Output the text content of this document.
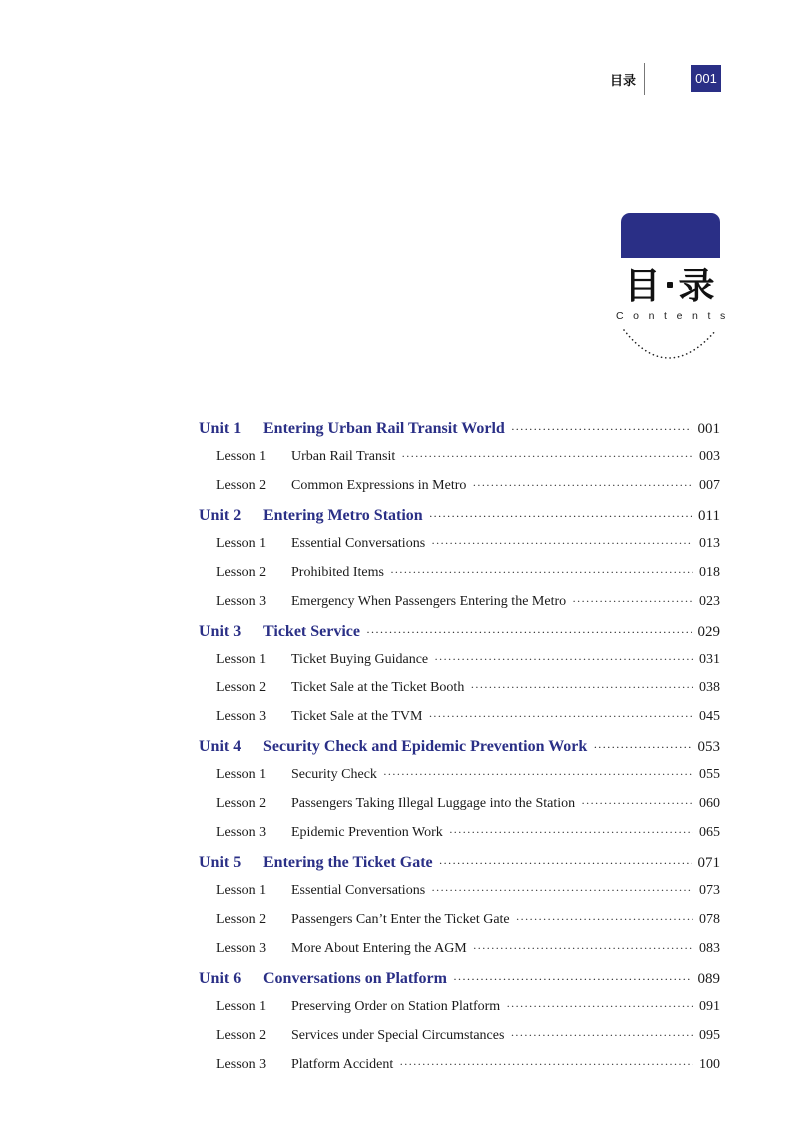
目录	001
目 录
Contents
Unit 1	Entering Urban Rail Transit World ·····	001
Lesson 1	Urban Rail Transit ·····	003
Lesson 2	Common Expressions in Metro ·····	007
Unit 2	Entering Metro Station ·····	011
Lesson 1	Essential Conversations ·····	013
Lesson 2	Prohibited Items ·····	018
Lesson 3	Emergency When Passengers Entering the Metro ·····	023
Unit 3	Ticket Service ·····	029
Lesson 1	Ticket Buying Guidance ·····	031
Lesson 2	Ticket Sale at the Ticket Booth ·····	038
Lesson 3	Ticket Sale at the TVM ·····	045
Unit 4	Security Check and Epidemic Prevention Work ·····	053
Lesson 1	Security Check ·····	055
Lesson 2	Passengers Taking Illegal Luggage into the Station ·····	060
Lesson 3	Epidemic Prevention Work ·····	065
Unit 5	Entering the Ticket Gate ·····	071
Lesson 1	Essential Conversations ·····	073
Lesson 2	Passengers Can’t Enter the Ticket Gate ·····	078
Lesson 3	More About Entering the AGM ·····	083
Unit 6	Conversations on Platform ·····	089
Lesson 1	Preserving Order on Station Platform ·····	091
Lesson 2	Services under Special Circumstances ·····	095
Lesson 3	Platform Accident ·····	100
